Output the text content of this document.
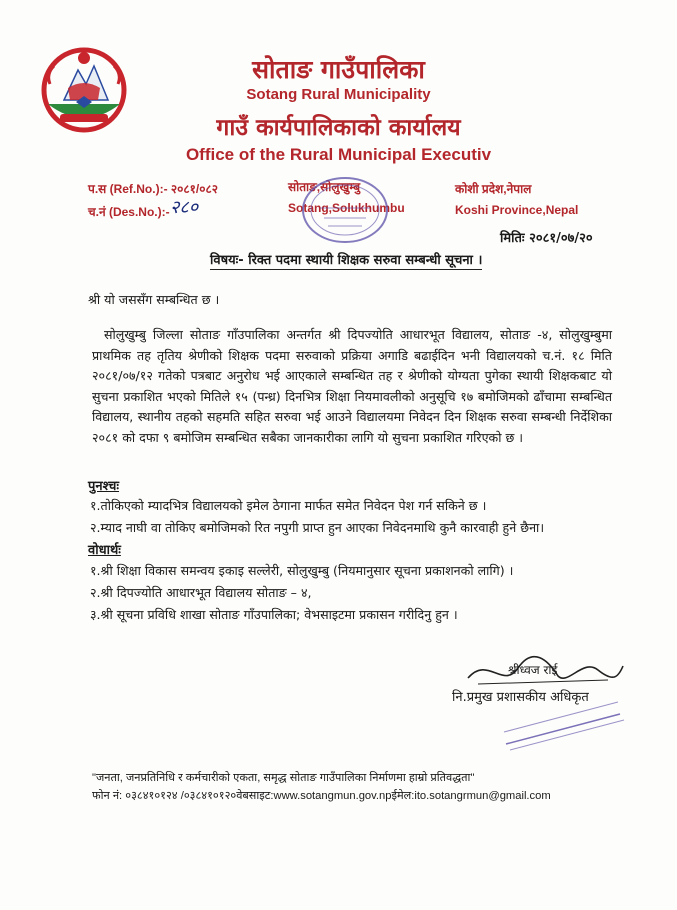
सोताङ गाउँपालिका
Sotang Rural Municipality
गाउँ कार्यपालिकाको कार्यालय
Office of the Rural Municipal Executiv
प.स (Ref.No.):- २०८१/०८२
च.नं (Des.No.):- २८०
सोताङ,सोलुखुम्बु
Sotang,Solukhumbu
कोशी प्रदेश,नेपाल
Koshi Province,Nepal
मितिः २०८१/०७/२०
विषयः- रिक्त पदमा स्थायी शिक्षक सरुवा सम्बन्धी सूचना ।
श्री यो जससँग सम्बन्धित छ ।
सोलुखुम्बु जिल्ला सोताङ गाँउपालिका अन्तर्गत श्री दिपज्योति आधारभूत विद्यालय, सोताङ -४, सोलुखुम्बुमा प्राथमिक तह तृतिय श्रेणीको शिक्षक पदमा सरुवाको प्रक्रिया अगाडि बढाईदिन भनी विद्यालयको च.नं. १८ मिति २०८१/०७/१२ गतेको पत्रबाट अनुरोध भई आएकाले सम्बन्धित तह र श्रेणीको योग्यता पुगेका स्थायी शिक्षकबाट यो सुचना प्रकाशित भएको मितिले १५ (पन्ध्र) दिनभित्र शिक्षा नियमावलीको अनुसूचि १७ बमोजिमको ढाँचामा सम्बन्धित विद्यालय, स्थानीय तहको सहमति सहित सरुवा भई आउने विद्यालयमा निवेदन दिन शिक्षक सरुवा सम्बन्धी निर्देशिका २०८१ को दफा ९ बमोजिम सम्बन्धित सबैका जानकारीका लागि यो सुचना प्रकाशित गरिएको छ ।
पुनश्चः
१.तोकिएको म्यादभित्र विद्यालयको इमेल ठेगाना मार्फत समेत निवेदन पेश गर्न सकिने छ ।
२.म्याद नाघी वा तोकिए बमोजिमको रित नपुगी प्राप्त हुन आएका निवेदनमाथि कुनै कारवाही हुने छैना।
वोधार्थः
१.श्री शिक्षा विकास समन्वय इकाइ सल्लेरी, सोलुखुम्बु (नियमानुसार सूचना प्रकाशनको लागि) ।
२.श्री दिपज्योति आधारभूत विद्यालय सोताङ – ४,
३.श्री सूचना प्रविधि शाखा सोताङ गाँउपालिका; वेभसाइटमा प्रकासन गरीदिनु हुन ।
श्रीध्वज राई
नि.प्रमुख प्रशासकीय अधिकृत
"जनता, जनप्रतिनिधि र कर्मचारीको एकता, समृद्ध सोताङ गाउँपालिका निर्माणमा हाम्रो प्रतिवद्धता"
फोन नं: ०३८४१०१२४ /०३८४१०१२०वेबसाइट:www.sotangmun.gov.npईमेल:ito.sotangrmun@gmail.com
